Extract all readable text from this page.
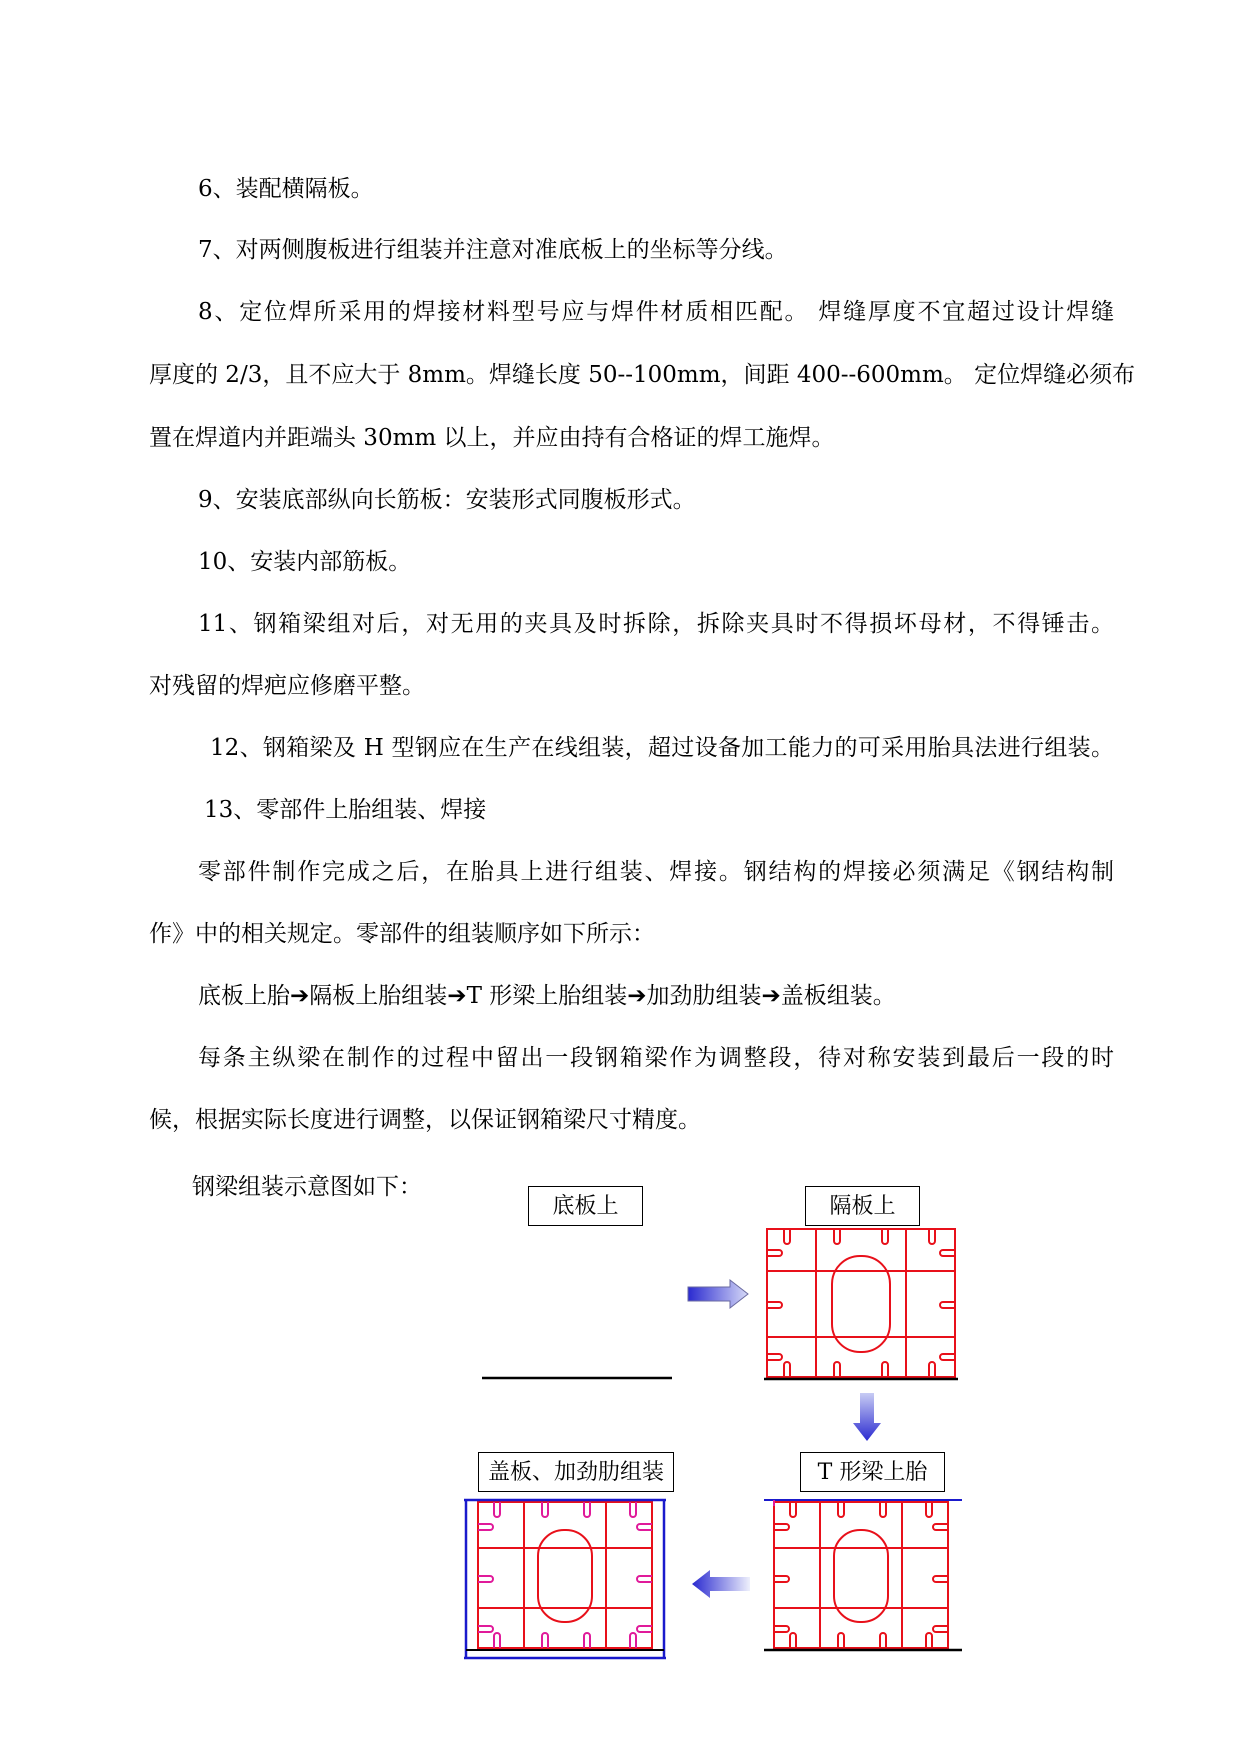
6、装配横隔板。
7、对两侧腹板进行组装并注意对准底板上的坐标等分线。
8、定位焊所采用的焊接材料型号应与焊件材质相匹配。 焊缝厚度不宜超过设计焊缝
厚度的 2/3，且不应大于 8mm。焊缝长度 50--100mm，间距 400--600mm。 定位焊缝必须布
置在焊道内并距端头 30mm 以上，并应由持有合格证的焊工施焊。
9、安装底部纵向长筋板：安装形式同腹板形式。
10、安装内部筋板。
11、钢箱梁组对后，对无用的夹具及时拆除，拆除夹具时不得损坏母材，不得锤击。
对残留的焊疤应修磨平整。
12、钢箱梁及 H 型钢应在生产在线组装，超过设备加工能力的可采用胎具法进行组装。
13、零部件上胎组装、焊接
零部件制作完成之后，在胎具上进行组装、焊接。钢结构的焊接必须满足《钢结构制
作》中的相关规定。零部件的组装顺序如下所示：
底板上胎➔隔板上胎组装➔T 形梁上胎组装➔加劲肋组装➔盖板组装。
每条主纵梁在制作的过程中留出一段钢箱梁作为调整段，待对称安装到最后一段的时
候，根据实际长度进行调整，以保证钢箱梁尺寸精度。
钢梁组装示意图如下：
底板上	隔板上
T 形梁上胎
盖板、加劲肋组装
